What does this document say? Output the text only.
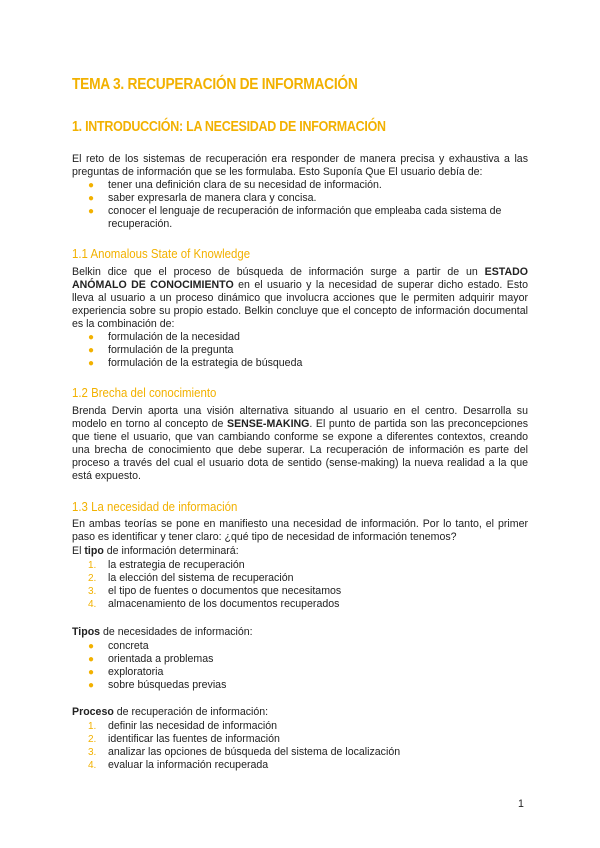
TEMA 3. RECUPERACIÓN DE INFORMACIÓN
1. INTRODUCCIÓN: LA NECESIDAD DE INFORMACIÓN

El reto de los sistemas de recuperación era responder de manera precisa y exhaustiva a las preguntas de información que se les formulaba. Esto Suponía Que El usuario debía de:

● tener una definición clara de su necesidad de información.
● saber expresarla de manera clara y concisa.
● conocer el lenguaje de recuperación de información que empleaba cada sistema de recuperación.
1.1 Anomalous State of Knowledge

Belkin dice que el proceso de búsqueda de información surge a partir de un ESTADO ANÓMALO DE CONOCIMIENTO en el usuario y la necesidad de superar dicho estado. Esto lleva al usuario a un proceso dinámico que involucra acciones que le permiten adquirir mayor experiencia sobre su propio estado. Belkin concluye que el concepto de información documental es la combinación de:

● formulación de la necesidad
● formulación de la pregunta
● formulación de la estrategia de búsqueda
1.2 Brecha del conocimiento

Brenda Dervin aporta una visión alternativa situando al usuario en el centro. Desarrolla su modelo en torno al concepto de SENSE-MAKING. El punto de partida son las preconcepciones que tiene el usuario, que van cambiando conforme se expone a diferentes contextos, creando una brecha de conocimiento que debe superar. La recuperación de información es parte del proceso a través del cual el usuario dota de sentido (sense-making) la nueva realidad a la que está expuesto.

1.3 La necesidad de información

En ambas teorías se pone en manifiesto una necesidad de información. Por lo tanto, el primer paso es identificar y tener claro: ¿qué tipo de necesidad de información tenemos?

El tipo de información determinará:

1. la estrategia de recuperación
2. la elección del sistema de recuperación
3. el tipo de fuentes o documentos que necesitamos
4. almacenamiento de los documentos recuperados

Tipos de necesidades de información:

● concreta
● orientada a problemas
● exploratoria
● sobre búsquedas previas

Proceso de recuperación de información:

1. definir las necesidad de información
2. identificar las fuentes de información
3. analizar las opciones de búsqueda del sistema de localización
4. evaluar la información recuperada
1
